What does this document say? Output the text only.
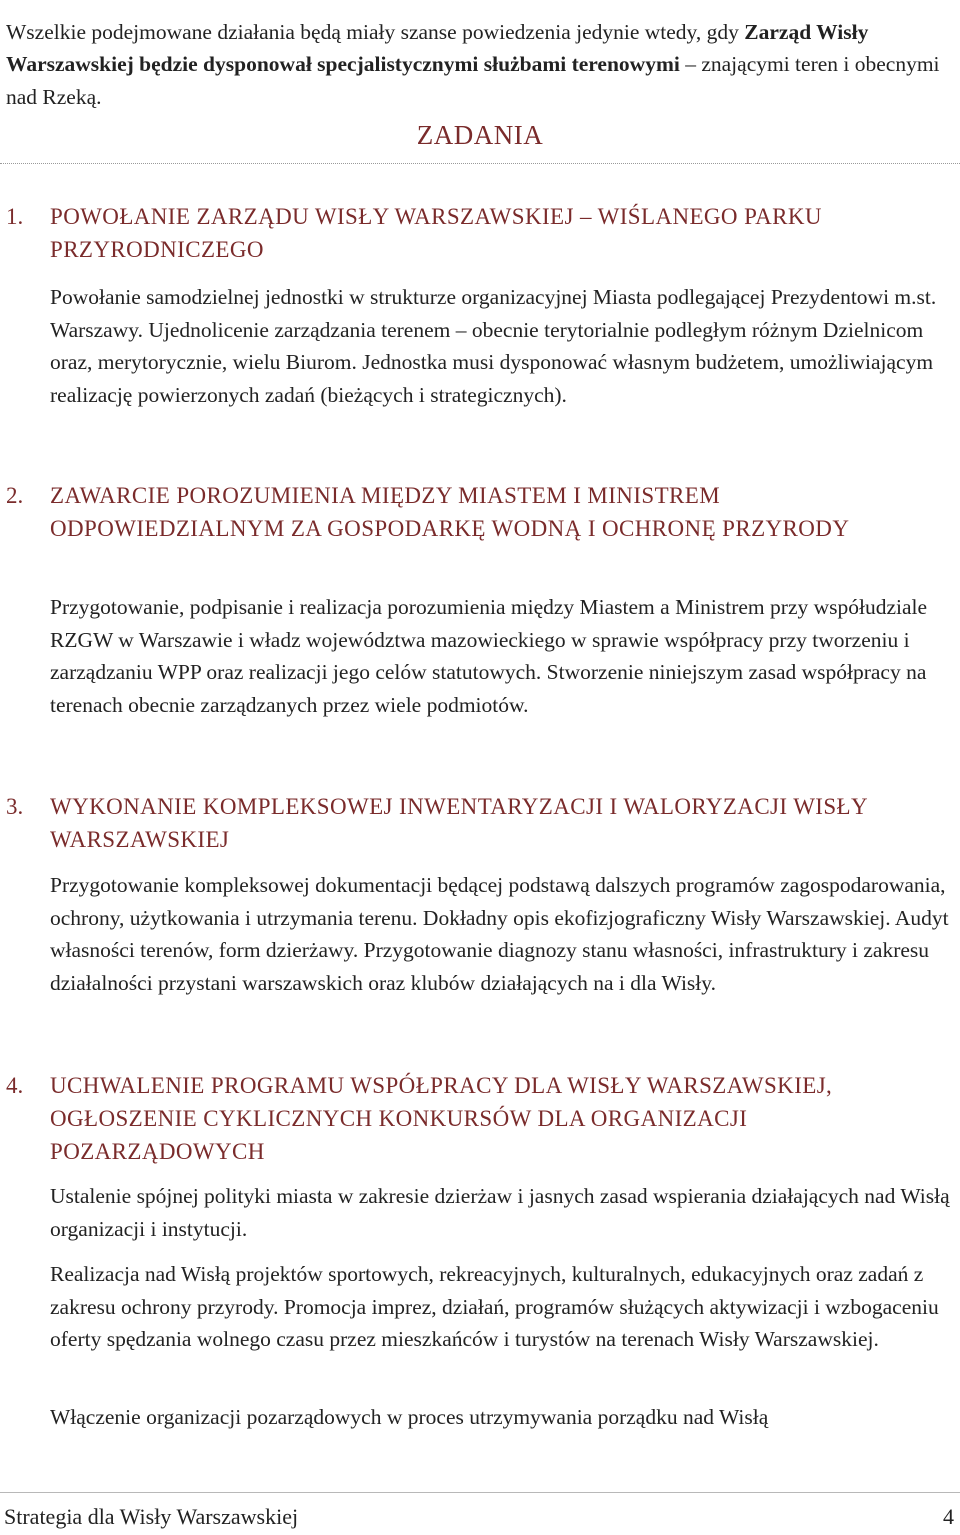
Wszelkie podejmowane działania będą miały szanse powiedzenia jedynie wtedy, gdy Zarząd Wisły Warszawskiej będzie dysponował specjalistycznymi służbami terenowymi – znającymi teren i obecnymi nad Rzeką.

ZADANIA
1. POWOŁANIE ZARZĄDU WISŁY WARSZAWSKIEJ – WIŚLANEGO PARKU PRZYRODNICZEGO
Powołanie samodzielnej jednostki w strukturze organizacyjnej Miasta podlegającej Prezydentowi m.st. Warszawy. Ujednolicenie zarządzania terenem – obecnie terytorialnie podległym różnym Dzielnicom oraz, merytorycznie, wielu Biurom. Jednostka musi dysponować własnym budżetem, umożliwiającym realizację powierzonych zadań (bieżących i strategicznych).
2. ZAWARCIE POROZUMIENIA MIĘDZY MIASTEM I MINISTREM ODPOWIEDZIALNYM ZA GOSPODARKĘ WODNĄ I OCHRONĘ PRZYRODY
Przygotowanie, podpisanie i realizacja porozumienia między Miastem a Ministrem przy współudziale RZGW w Warszawie i władz województwa mazowieckiego w sprawie współpracy przy tworzeniu i zarządzaniu WPP oraz realizacji jego celów statutowych. Stworzenie niniejszym zasad współpracy na terenach obecnie zarządzanych przez wiele podmiotów.
3. WYKONANIE KOMPLEKSOWEJ INWENTARYZACJI I WALORYZACJI WISŁY WARSZAWSKIEJ
Przygotowanie kompleksowej dokumentacji będącej podstawą dalszych programów zagospodarowania, ochrony, użytkowania i utrzymania terenu. Dokładny opis ekofizjograficzny Wisły Warszawskiej. Audyt własności terenów, form dzierżawy. Przygotowanie diagnozy stanu własności, infrastruktury i zakresu działalności przystani warszawskich oraz klubów działających na i dla Wisły.
4. UCHWALENIE PROGRAMU WSPÓŁPRACY DLA WISŁY WARSZAWSKIEJ, OGŁOSZENIE CYKLICZNYCH KONKURSÓW DLA ORGANIZACJI POZARZĄDOWYCH
Ustalenie spójnej polityki miasta w zakresie dzierżaw i jasnych zasad wspierania działających nad Wisłą organizacji i instytucji.
Realizacja nad Wisłą projektów sportowych, rekreacyjnych, kulturalnych, edukacyjnych oraz zadań z zakresu ochrony przyrody. Promocja imprez, działań, programów służących aktywizacji i wzbogaceniu oferty spędzania wolnego czasu przez mieszkańców i turystów na terenach Wisły Warszawskiej.
Włączenie organizacji pozarządowych w proces utrzymywania porządku nad Wisłą
Strategia dla Wisły Warszawskiej	4
